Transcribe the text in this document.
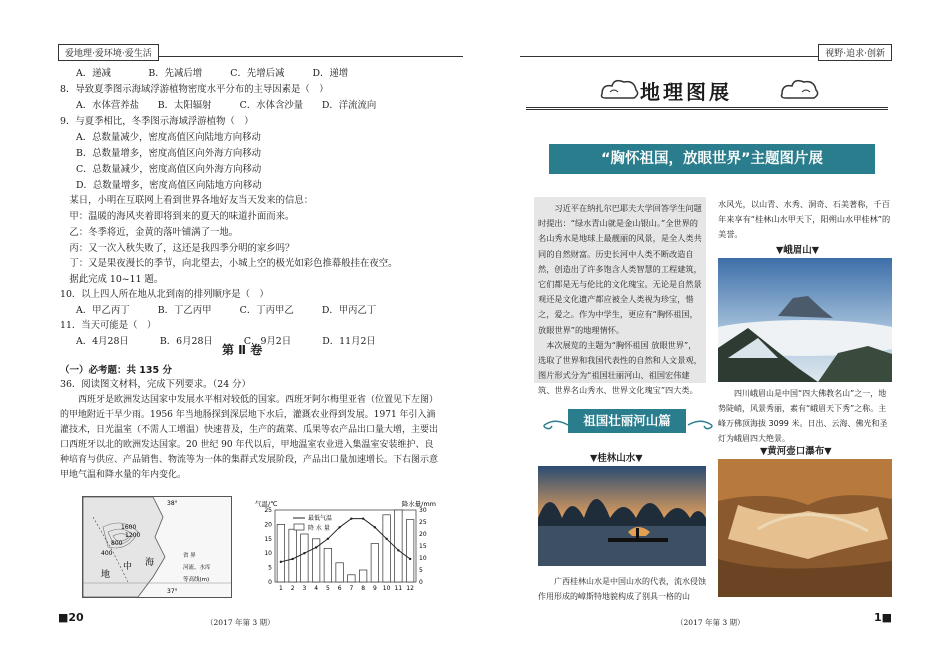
爱地理·爱环境·爱生活	视野·追求·创新
A．递减　　　　B．先减后增　　　C．先增后减　　　D．递增
8．导致夏季图示海域浮游植物密度水平分布的主导因素是（　）
A．水体营养盐　　B．太阳辐射　　　C．水体含沙量　　D．洋流流向
9．与夏季相比，冬季图示海域浮游植物（　）
A．总数量减少，密度高值区向陆地方向移动
B．总数量增多，密度高值区向外海方向移动
C．总数量减少，密度高值区向外海方向移动
D．总数量增多，密度高值区向陆地方向移动
　某日，小明在互联网上看到世界各地好友当天发来的信息：
　甲：温暖的海风夹着即将到来的夏天的味道扑面而来。
　乙：冬季将近，金黄的落叶铺满了一地。
　丙：又一次入秋失败了，这还是我四季分明的家乡吗？
　丁：又是果夜漫长的季节，向北望去，小城上空的极光如彩色推幕般挂在夜空。
　据此完成 10~11 题。
10．以上四人所在地从北到南的排列顺序是（　）
A．甲乙丙丁　　　B．丁乙丙甲　　　C．丁丙甲乙　　　D．甲丙乙丁
11．当天可能是（　）
A．4月28日　　　 B．6月28日　　　 C．9月2日　　　 D．11月2日
第 Ⅱ 卷
（一）必考题：共 135 分
36．阅读图文材料，完成下列要求。（24 分）
西班牙是欧洲发达国家中发展水平相对较低的国家。西班牙阿尔梅里亚省（位置见下左图）的甲地附近干旱少雨。1956 年当地肠探到深层地下水后，灌溉农业得到发展。1971 年引入滴灌技术，日光温室（不需人工增温）快速普及，生产的蔬菜、瓜果等农产品出口量大增，主要出口西班牙以北的欧洲发达国家。20 世纪 90 年代以后，甲地温室农业进入集温室安装维护、良种培育与供应、产品销售、物流等为一体的集群式发展阶段，产品出口量加速增长。下右图示意甲地气温和降水量的年内变化。
1600
1200
800
400
海
地
中
38°
37°
省 界
河流、水库
等高线(m)
1 2 3 4 5 6 7 8 9 10 11 12
0
5
10
15
20
25
0
5
10
15
20
25
30
气温/℃	降水量/mm
最低气温
降 水 量
■20	（2017 年第 3 期）
地理图展
“胸怀祖国，放眼世界”主题图片展
习近平在纳扎尔巴耶夫大学回答学生问题时提出：“绿水青山就是金山银山。”全世界的名山秀水是地球上最靓丽的风景，是全人类共同的自然财富。历史长河中人类不断改造自然，创造出了许多饱含人类智慧的工程建筑，它们都是无与伦比的文化瑰宝。无论是自然景观还是文化遗产都应被全人类视为珍宝，惜之，爱之。作为中学生，更应有“胸怀祖国，放眼世界”的地理情怀。
　本次展览的主题为“胸怀祖国 放眼世界”，选取了世界和我国代表性的自然和人文景观，图片形式分为“祖国壮丽河山、祖国宏伟建筑、世界名山秀水、世界文化瑰宝”四大类。
水风光，以山青、水秀、洞奇、石美著称，千百年来享有“桂林山水甲天下，阳朔山水甲桂林”的美誉。
▼峨眉山▼
四川峨眉山是中国“四大佛教名山”之一，地势陡峭，风景秀丽，素有“峨眉天下秀”之称。主峰万佛顶海拔 3099 米。日出、云海、佛光和圣灯为峨眉四大绝景。
祖国壮丽河山篇
▼桂林山水▼
广西桂林山水是中国山水的代表，流水侵蚀作用形成的嶂斯特地貌构成了别具一格的山
▼黄河壶口瀑布▼
（2017 年第 3 期）	1■
